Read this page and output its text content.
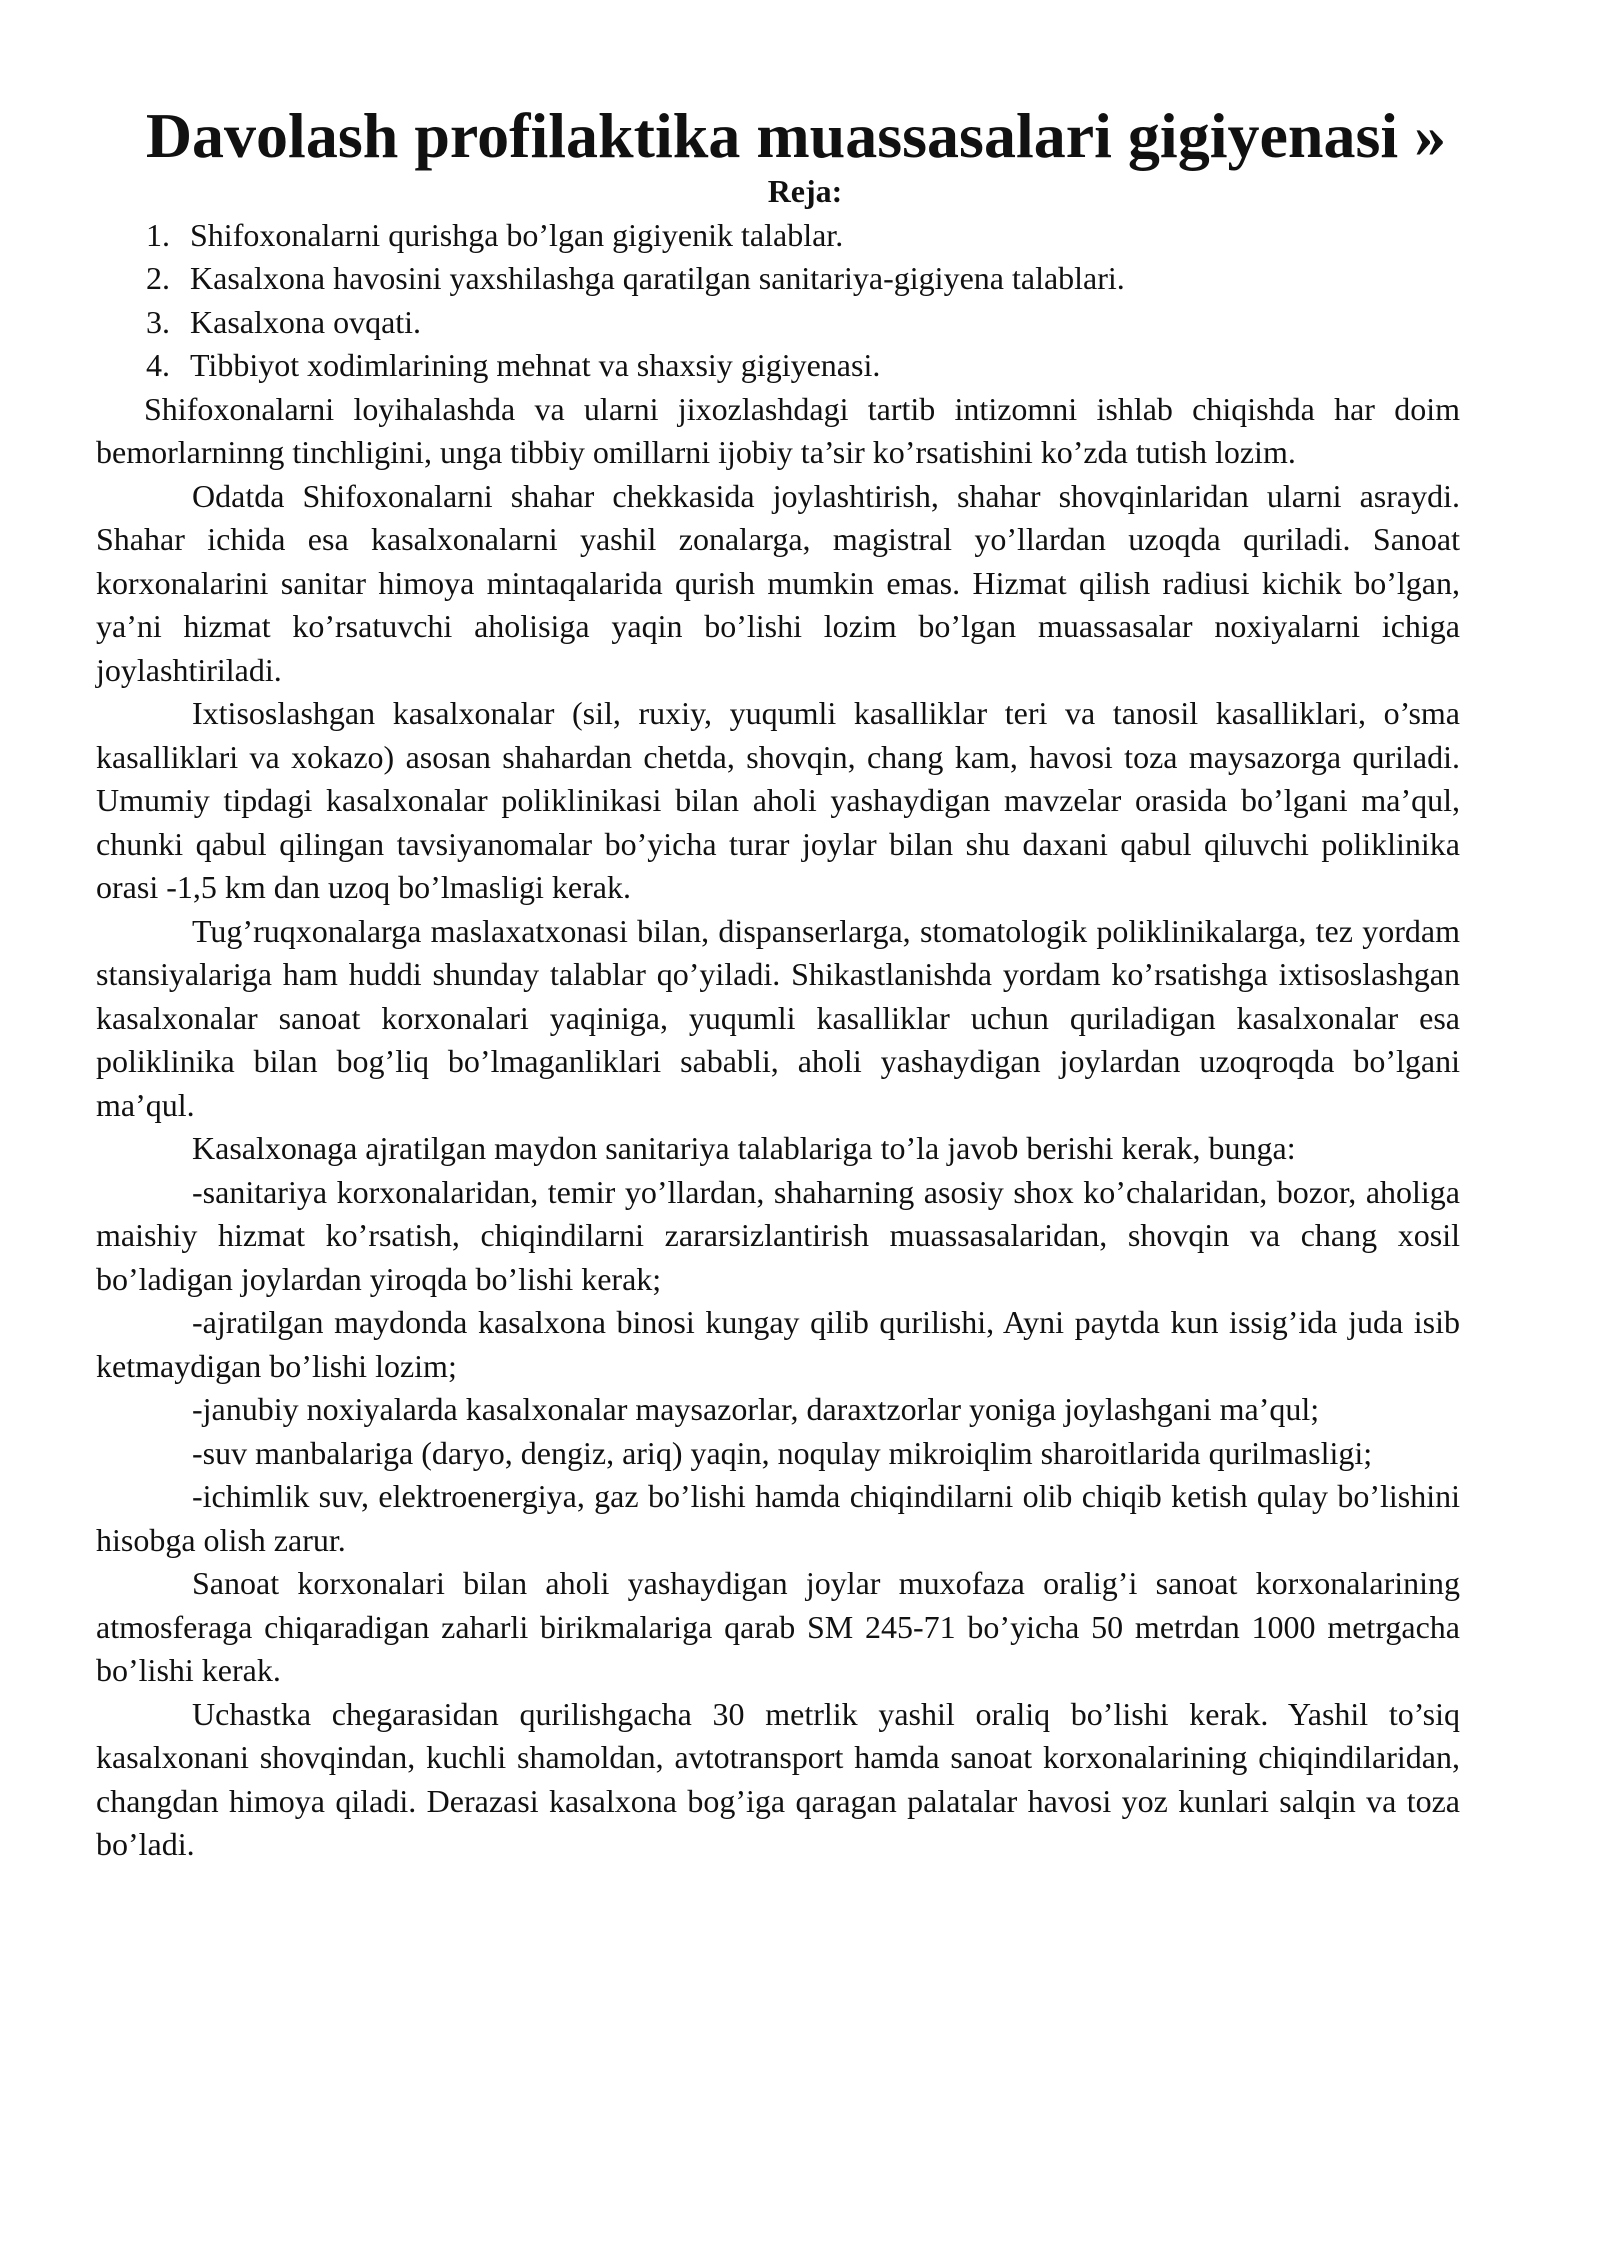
Davolash profilaktika muassasalari gigiyenasi »
Reja:
1. Shifoxonalarni qurishga bo’lgan gigiyenik talablar.
2. Kasalxona havosini yaxshilashga qaratilgan sanitariya-gigiyena talablari.
3. Kasalxona ovqati.
4. Tibbiyot xodimlarining mehnat va shaxsiy gigiyenasi.

Shifoxonalarni loyihalashda va ularni jixozlashdagi tartib intizomni ishlab chiqishda har doim bemorlarninng tinchligini, unga tibbiy omillarni ijobiy ta’sir ko’rsatishini ko’zda tutish lozim.

Odatda Shifoxonalarni shahar chekkasida joylashtirish, shahar shovqinlaridan ularni asraydi. Shahar ichida esa kasalxonalarni yashil zonalarga, magistral yo’llardan uzoqda quriladi. Sanoat korxonalarini sanitar himoya mintaqalarida qurish mumkin emas. Hizmat qilish radiusi kichik bo’lgan, ya’ni hizmat ko’rsatuvchi aholisiga yaqin bo’lishi lozim bo’lgan muassasalar noxiyalarni ichiga joylashtiriladi.

Ixtisoslashgan kasalxonalar (sil, ruxiy, yuqumli kasalliklar teri va tanosil kasalliklari, o’sma kasalliklari va xokazo) asosan shahardan chetda, shovqin, chang kam, havosi toza maysazorga quriladi. Umumiy tipdagi kasalxonalar poliklinikasi bilan aholi yashaydigan mavzelar orasida bo’lgani ma’qul, chunki qabul qilingan tavsiyanomalar bo’yicha turar joylar bilan shu daxani qabul qiluvchi poliklinika orasi -1,5 km dan uzoq bo’lmasligi kerak.

Tug’ruqxonalarga maslaxatxonasi bilan, dispanserlarga, stomatologik poliklinikalarga, tez yordam stansiyalariga ham huddi shunday talablar qo’yiladi. Shikastlanishda yordam ko’rsatishga ixtisoslashgan kasalxonalar sanoat korxonalari yaqiniga, yuqumli kasalliklar uchun quriladigan kasalxonalar esa poliklinika bilan bog’liq bo’lmaganliklari sababli, aholi yashaydigan joylardan uzoqroqda bo’lgani ma’qul.

Kasalxonaga ajratilgan maydon sanitariya talablariga to’la javob berishi kerak, bunga:

-sanitariya korxonalaridan, temir yo’llardan, shaharning asosiy shox ko’chalaridan, bozor, aholiga maishiy hizmat ko’rsatish, chiqindilarni zararsizlantirish muassasalaridan, shovqin va chang xosil bo’ladigan joylardan yiroqda bo’lishi kerak;

-ajratilgan maydonda kasalxona binosi kungay qilib qurilishi, Ayni paytda kun issig’ida juda isib ketmaydigan bo’lishi lozim;

-janubiy noxiyalarda kasalxonalar maysazorlar, daraxtzorlar yoniga joylashgani ma’qul;

-suv manbalariga (daryo, dengiz, ariq) yaqin, noqulay mikroiqlim sharoitlarida qurilmasligi;

-ichimlik suv, elektroenergiya, gaz bo’lishi hamda chiqindilarni olib chiqib ketish qulay bo’lishini hisobga olish zarur.

Sanoat korxonalari bilan aholi yashaydigan joylar muxofaza oralig’i sanoat korxonalarining atmosferaga chiqaradigan zaharli birikmalariga qarab SM 245-71 bo’yicha 50 metrdan 1000 metrgacha bo’lishi kerak.

Uchastka chegarasidan qurilishgacha 30 metrlik yashil oraliq bo’lishi kerak. Yashil to’siq kasalxonani shovqindan, kuchli shamoldan, avtotransport hamda sanoat korxonalarining chiqindilaridan, changdan himoya qiladi. Derazasi kasalxona bog’iga qaragan palatalar havosi yoz kunlari salqin va toza bo’ladi.
